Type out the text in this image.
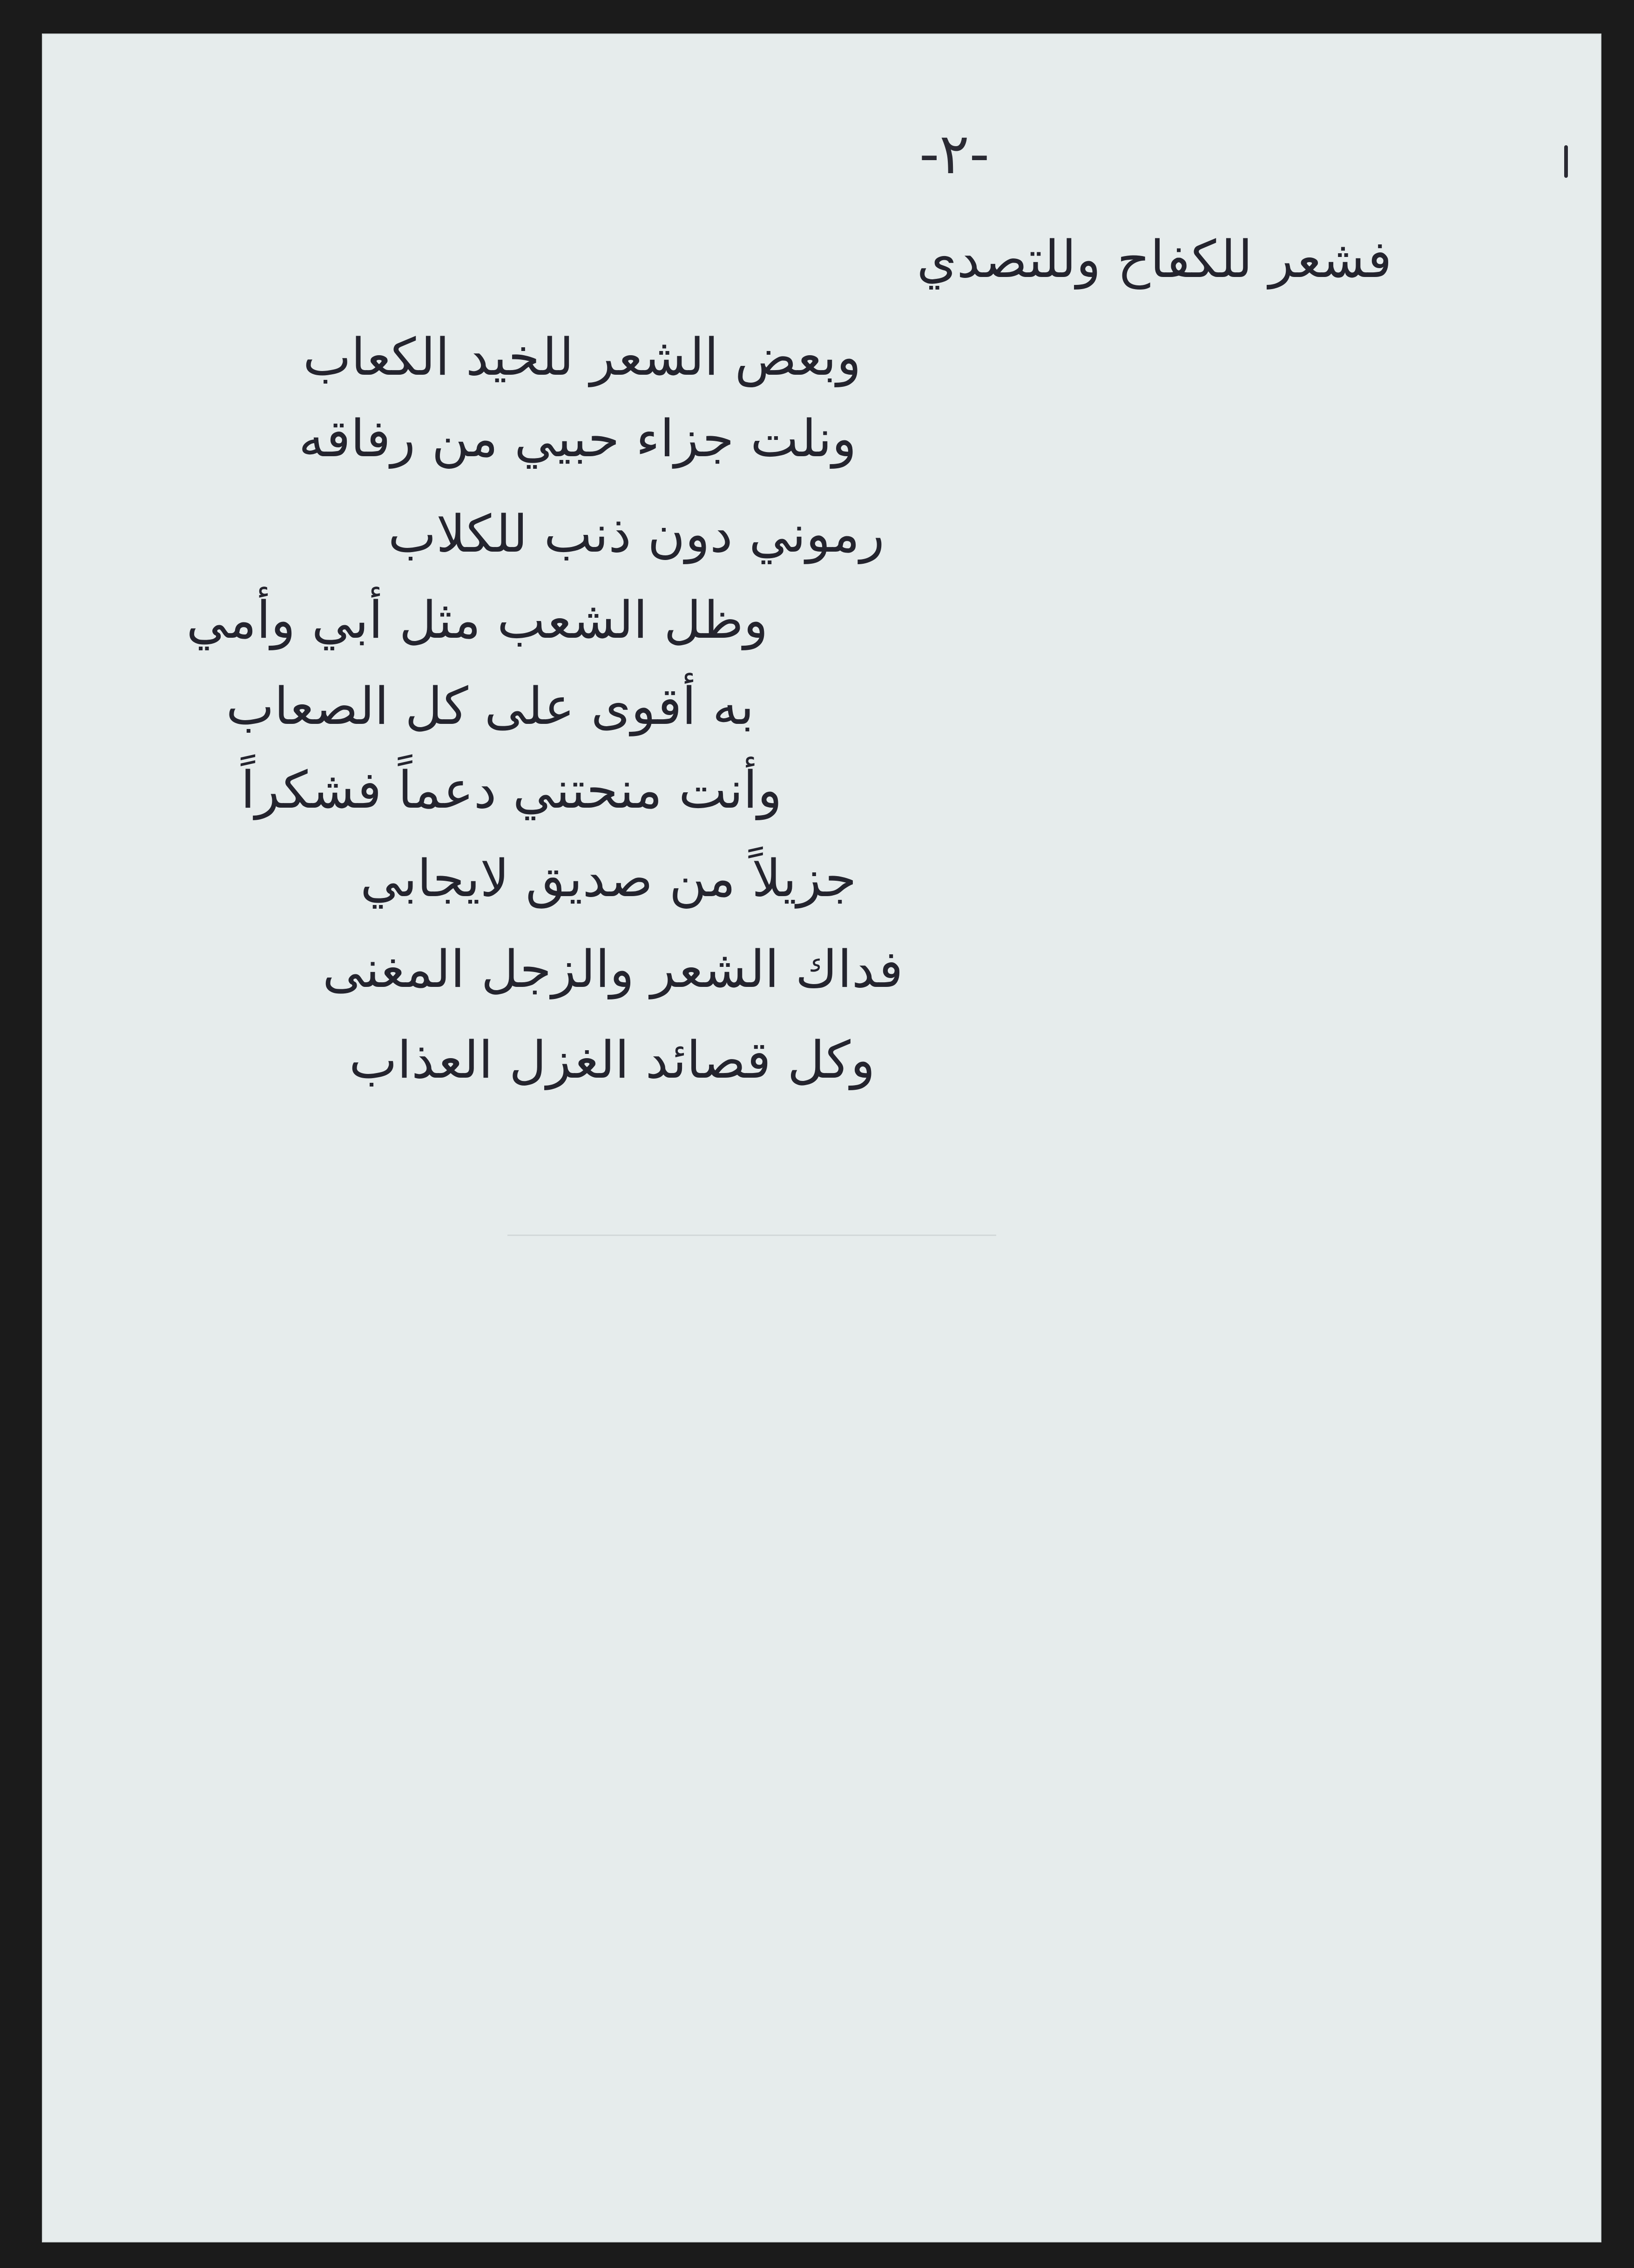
-٢-
فشعر للكفاح وللتصدي
وبعض الشعر للخيد الكعاب
ونلت جزاء حبيي من رفاقه
رموني دون ذنب للكلاب
وظل الشعب مثل أبي وأمي
به أقوى على كل الصعاب
وأنت منحتني دعماً فشكراً
جزيلاً من صديق لايجابي
فداك الشعر والزجل المغنى
وكل قصائد الغزل العذاب
